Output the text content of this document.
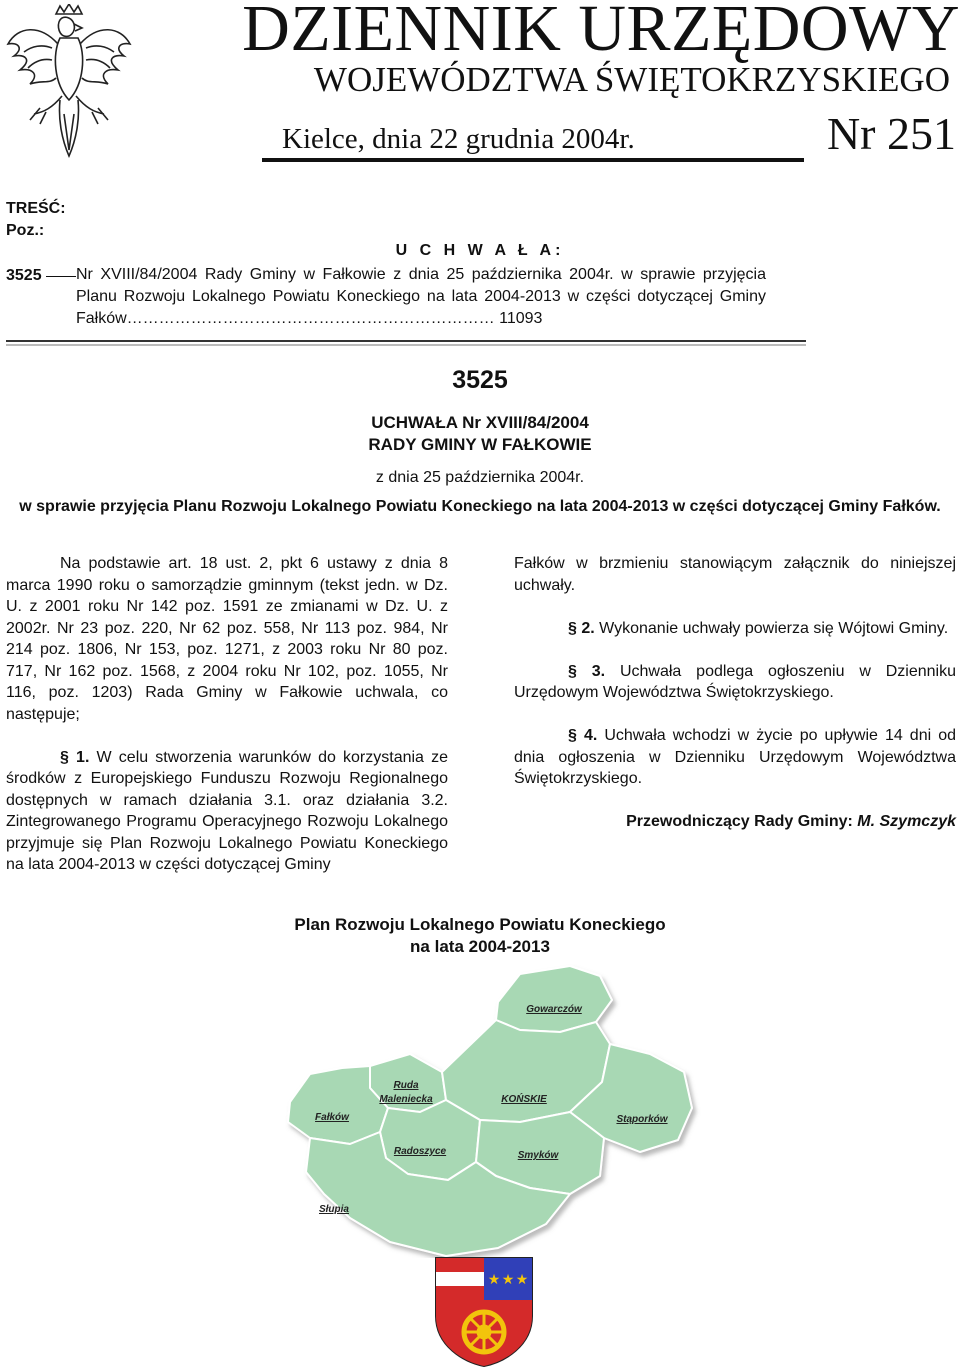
DZIENNIK URZĘDOWY
WOJEWÓDZTWA ŚWIĘTOKRZYSKIEGO
Kielce, dnia 22 grudnia 2004r.	Nr 251
TREŚĆ:
Poz.:
U C H W A Ł A:
3525 Nr XVIII/84/2004 Rady Gminy w Fałkowie z dnia 25 października 2004r. w sprawie przyjęcia Planu Rozwoju Lokalnego Powiatu Koneckiego na lata 2004-2013 w części dotyczącej Gminy Fałków…………………………………………………………… 11093
3525
UCHWAŁA Nr XVIII/84/2004
RADY GMINY W FAŁKOWIE
z dnia 25 października 2004r.
w sprawie przyjęcia Planu Rozwoju Lokalnego Powiatu Koneckiego na lata 2004-2013 w części dotyczącej Gminy Fałków.

Na podstawie art. 18 ust. 2, pkt 6 ustawy z dnia 8 marca 1990 roku o samorządzie gminnym (tekst jedn. w Dz. U. z 2001 roku Nr 142 poz. 1591 ze zmianami w Dz. U. z 2002r. Nr 23 poz. 220, Nr 62 poz. 558, Nr 113 poz. 984, Nr 214 poz. 1806, Nr 153, poz. 1271, z 2003 roku Nr 80 poz. 717, Nr 162 poz. 1568, z 2004 roku Nr 102, poz. 1055, Nr 116, poz. 1203) Rada Gminy w Fałkowie uchwala, co następuje;

§ 1. W celu stworzenia warunków do korzystania ze środków z Europejskiego Funduszu Rozwoju Regionalnego dostępnych w ramach działania 3.1. oraz działania 3.2. Zintegrowanego Programu Operacyjnego Rozwoju Lokalnego przyjmuje się Plan Rozwoju Lokalnego Powiatu Koneckiego na lata 2004-2013 w części dotyczącej Gminy

Fałków w brzmieniu stanowiącym załącznik do niniejszej uchwały.

§ 2. Wykonanie uchwały powierza się Wójtowi Gminy.

§ 3. Uchwała podlega ogłoszeniu w Dzienniku Urzędowym Województwa Świętokrzyskiego.

§ 4. Uchwała wchodzi w życie po upływie 14 dni od dnia ogłoszenia w Dzienniku Urzędowym Województwa Świętokrzyskiego.

Przewodniczący Rady Gminy: M. Szymczyk

Plan Rozwoju Lokalnego Powiatu Koneckiego
na lata 2004-2013
Gowarczów
Ruda
Maleniecka	KOŃSKIE
Fałków	Stąporków
Radoszyce	Smyków
Słupia
★ ★ ★
